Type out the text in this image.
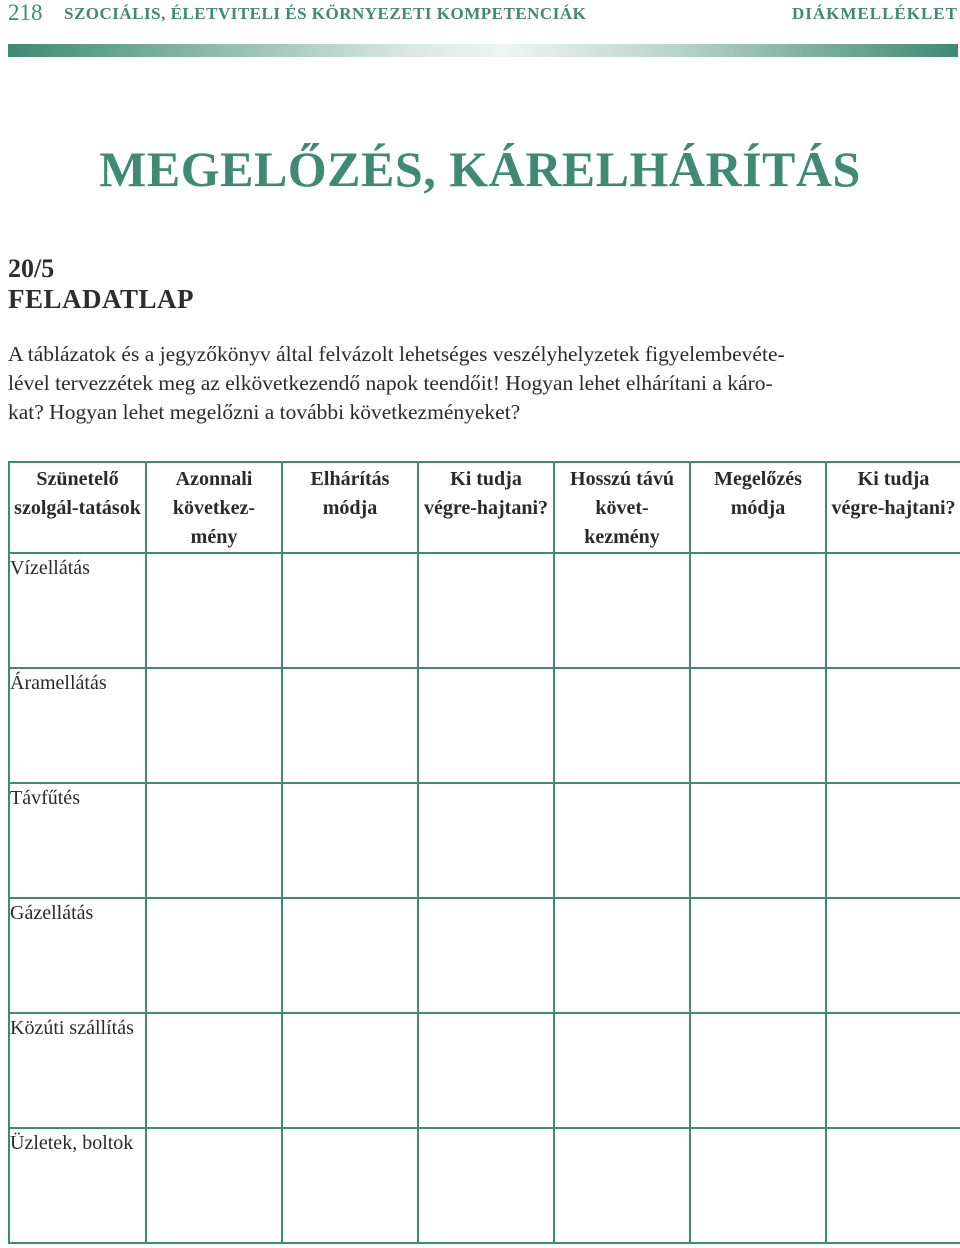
218 SZOCIÁLIS, ÉLETVITELI ÉS KÖRNYEZETI KOMPETENCIÁK	DIÁKMELLÉKLET
MEGELŐZÉS, KÁRELHÁRÍTÁS
20/5
FELADATLAP
A táblázatok és a jegyzőkönyv által felvázolt lehetséges veszélyhelyzetek figyelembevéte-
lével tervezzétek meg az elkövetkezendő napok teendőit! Hogyan lehet elhárítani a káro-
kat? Hogyan lehet megelőzni a további következményeket?
Szünetelő szolgál-tatások	Azonnali következ-mény	Elhárítás módja	Ki tudja végre-hajtani?	Hosszú távú követ-kezmény	Megelőzés módja	Ki tudja végre-hajtani?
Vízellátás						
Áramellátás						
Távfűtés						
Gázellátás						
Közúti szállítás						
Üzletek, boltok						
